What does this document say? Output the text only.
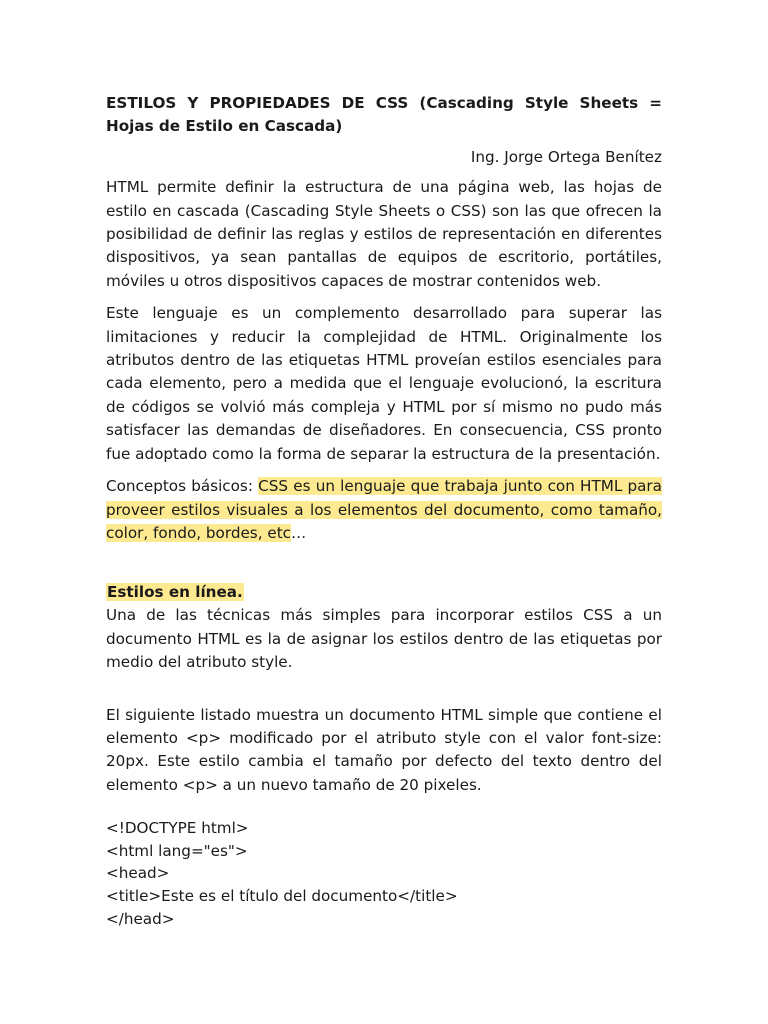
ESTILOS Y PROPIEDADES DE CSS (Cascading Style Sheets = Hojas de Estilo en Cascada)
Ing. Jorge Ortega Benítez

HTML permite definir la estructura de una página web, las hojas de estilo en cascada (Cascading Style Sheets o CSS) son las que ofrecen la posibilidad de definir las reglas y estilos de representación en diferentes dispositivos, ya sean pantallas de equipos de escritorio, portátiles, móviles u otros dispositivos capaces de mostrar contenidos web.

Este lenguaje es un complemento desarrollado para superar las limitaciones y reducir la complejidad de HTML. Originalmente los atributos dentro de las etiquetas HTML proveían estilos esenciales para cada elemento, pero a medida que el lenguaje evolucionó, la escritura de códigos se volvió más compleja y HTML por sí mismo no pudo más satisfacer las demandas de diseñadores. En consecuencia, CSS pronto fue adoptado como la forma de separar la estructura de la presentación.

Conceptos básicos: CSS es un lenguaje que trabaja junto con HTML para proveer estilos visuales a los elementos del documento, como tamaño, color, fondo, bordes, etc…

Estilos en línea.

Una de las técnicas más simples para incorporar estilos CSS a un documento HTML es la de asignar los estilos dentro de las etiquetas por medio del atributo style.

El siguiente listado muestra un documento HTML simple que contiene el elemento <p> modificado por el atributo style con el valor font-size: 20px. Este estilo cambia el tamaño por defecto del texto dentro del elemento <p> a un nuevo tamaño de 20 pixeles.

<!DOCTYPE html>
<html lang="es">
<head>
<title>Este es el título del documento</title>
</head>
